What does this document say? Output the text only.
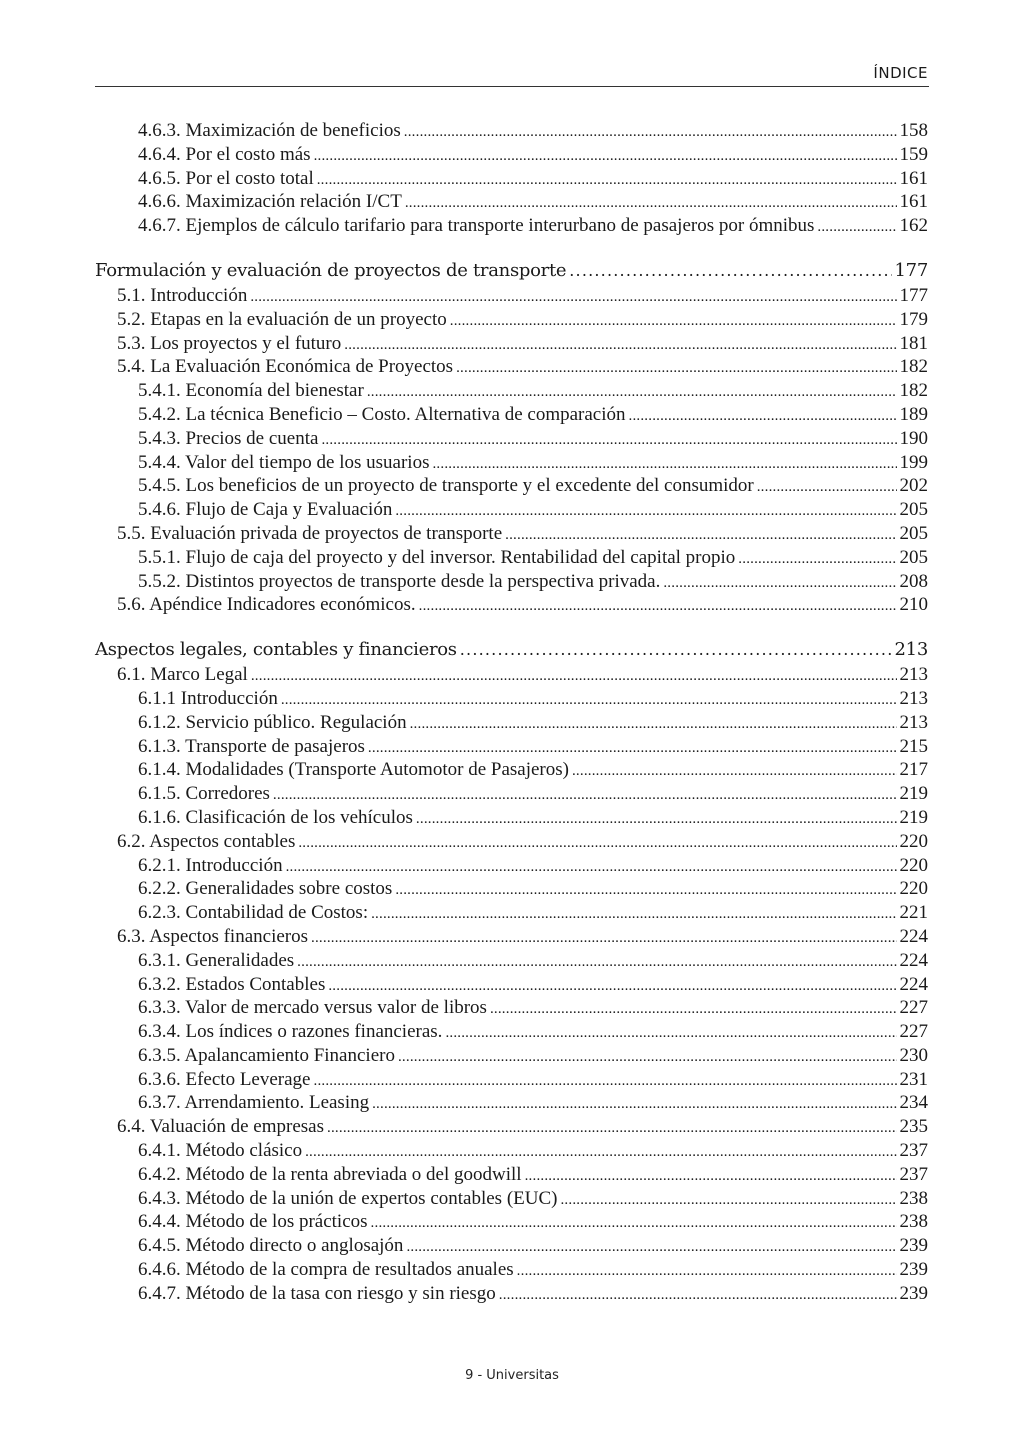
ÍNDICE
4.6.3. Maximización de beneficios .....	158
4.6.4. Por el costo más .....	159
4.6.5. Por el costo total .....	161
4.6.6. Maximización relación I/CT .....	161
4.6.7. Ejemplos de cálculo tarifario para transporte interurbano de pasajeros por ómnibus .....	162
Formulación y evaluación de proyectos de transporte .....	177
5.1. Introducción .....	177
5.2. Etapas en la evaluación de un proyecto .....	179
5.3. Los proyectos y el futuro .....	181
5.4. La Evaluación Económica de Proyectos .....	182
5.4.1. Economía del bienestar .....	182
5.4.2. La técnica Beneficio – Costo. Alternativa de comparación .....	189
5.4.3. Precios de cuenta .....	190
5.4.4. Valor del tiempo de los usuarios .....	199
5.4.5. Los beneficios de un proyecto de transporte y el excedente del consumidor .....	202
5.4.6. Flujo de Caja y Evaluación .....	205
5.5. Evaluación privada de proyectos de transporte .....	205
5.5.1. Flujo de caja del proyecto y del inversor. Rentabilidad del capital propio .....	205
5.5.2. Distintos proyectos de transporte desde la perspectiva privada. .....	208
5.6. Apéndice Indicadores económicos. .....	210
Aspectos legales, contables y financieros .....	213
6.1. Marco Legal .....	213
6.1.1 Introducción .....	213
6.1.2. Servicio público. Regulación .....	213
6.1.3. Transporte de pasajeros .....	215
6.1.4. Modalidades (Transporte Automotor de Pasajeros) .....	217
6.1.5. Corredores .....	219
6.1.6. Clasificación de los vehículos .....	219
6.2. Aspectos contables .....	220
6.2.1. Introducción .....	220
6.2.2. Generalidades sobre costos .....	220
6.2.3. Contabilidad de Costos: .....	221
6.3. Aspectos financieros .....	224
6.3.1. Generalidades .....	224
6.3.2. Estados Contables .....	224
6.3.3. Valor de mercado versus valor de libros .....	227
6.3.4. Los índices o razones financieras. .....	227
6.3.5. Apalancamiento Financiero .....	230
6.3.6. Efecto Leverage .....	231
6.3.7. Arrendamiento. Leasing .....	234
6.4. Valuación de empresas .....	235
6.4.1. Método clásico .....	237
6.4.2. Método de la renta abreviada o del goodwill .....	237
6.4.3. Método de la unión de expertos contables (EUC) .....	238
6.4.4. Método de los prácticos .....	238
6.4.5. Método directo o anglosajón .....	239
6.4.6. Método de la compra de resultados anuales .....	239
6.4.7. Método de la tasa con riesgo y sin riesgo .....	239
9 - Universitas
